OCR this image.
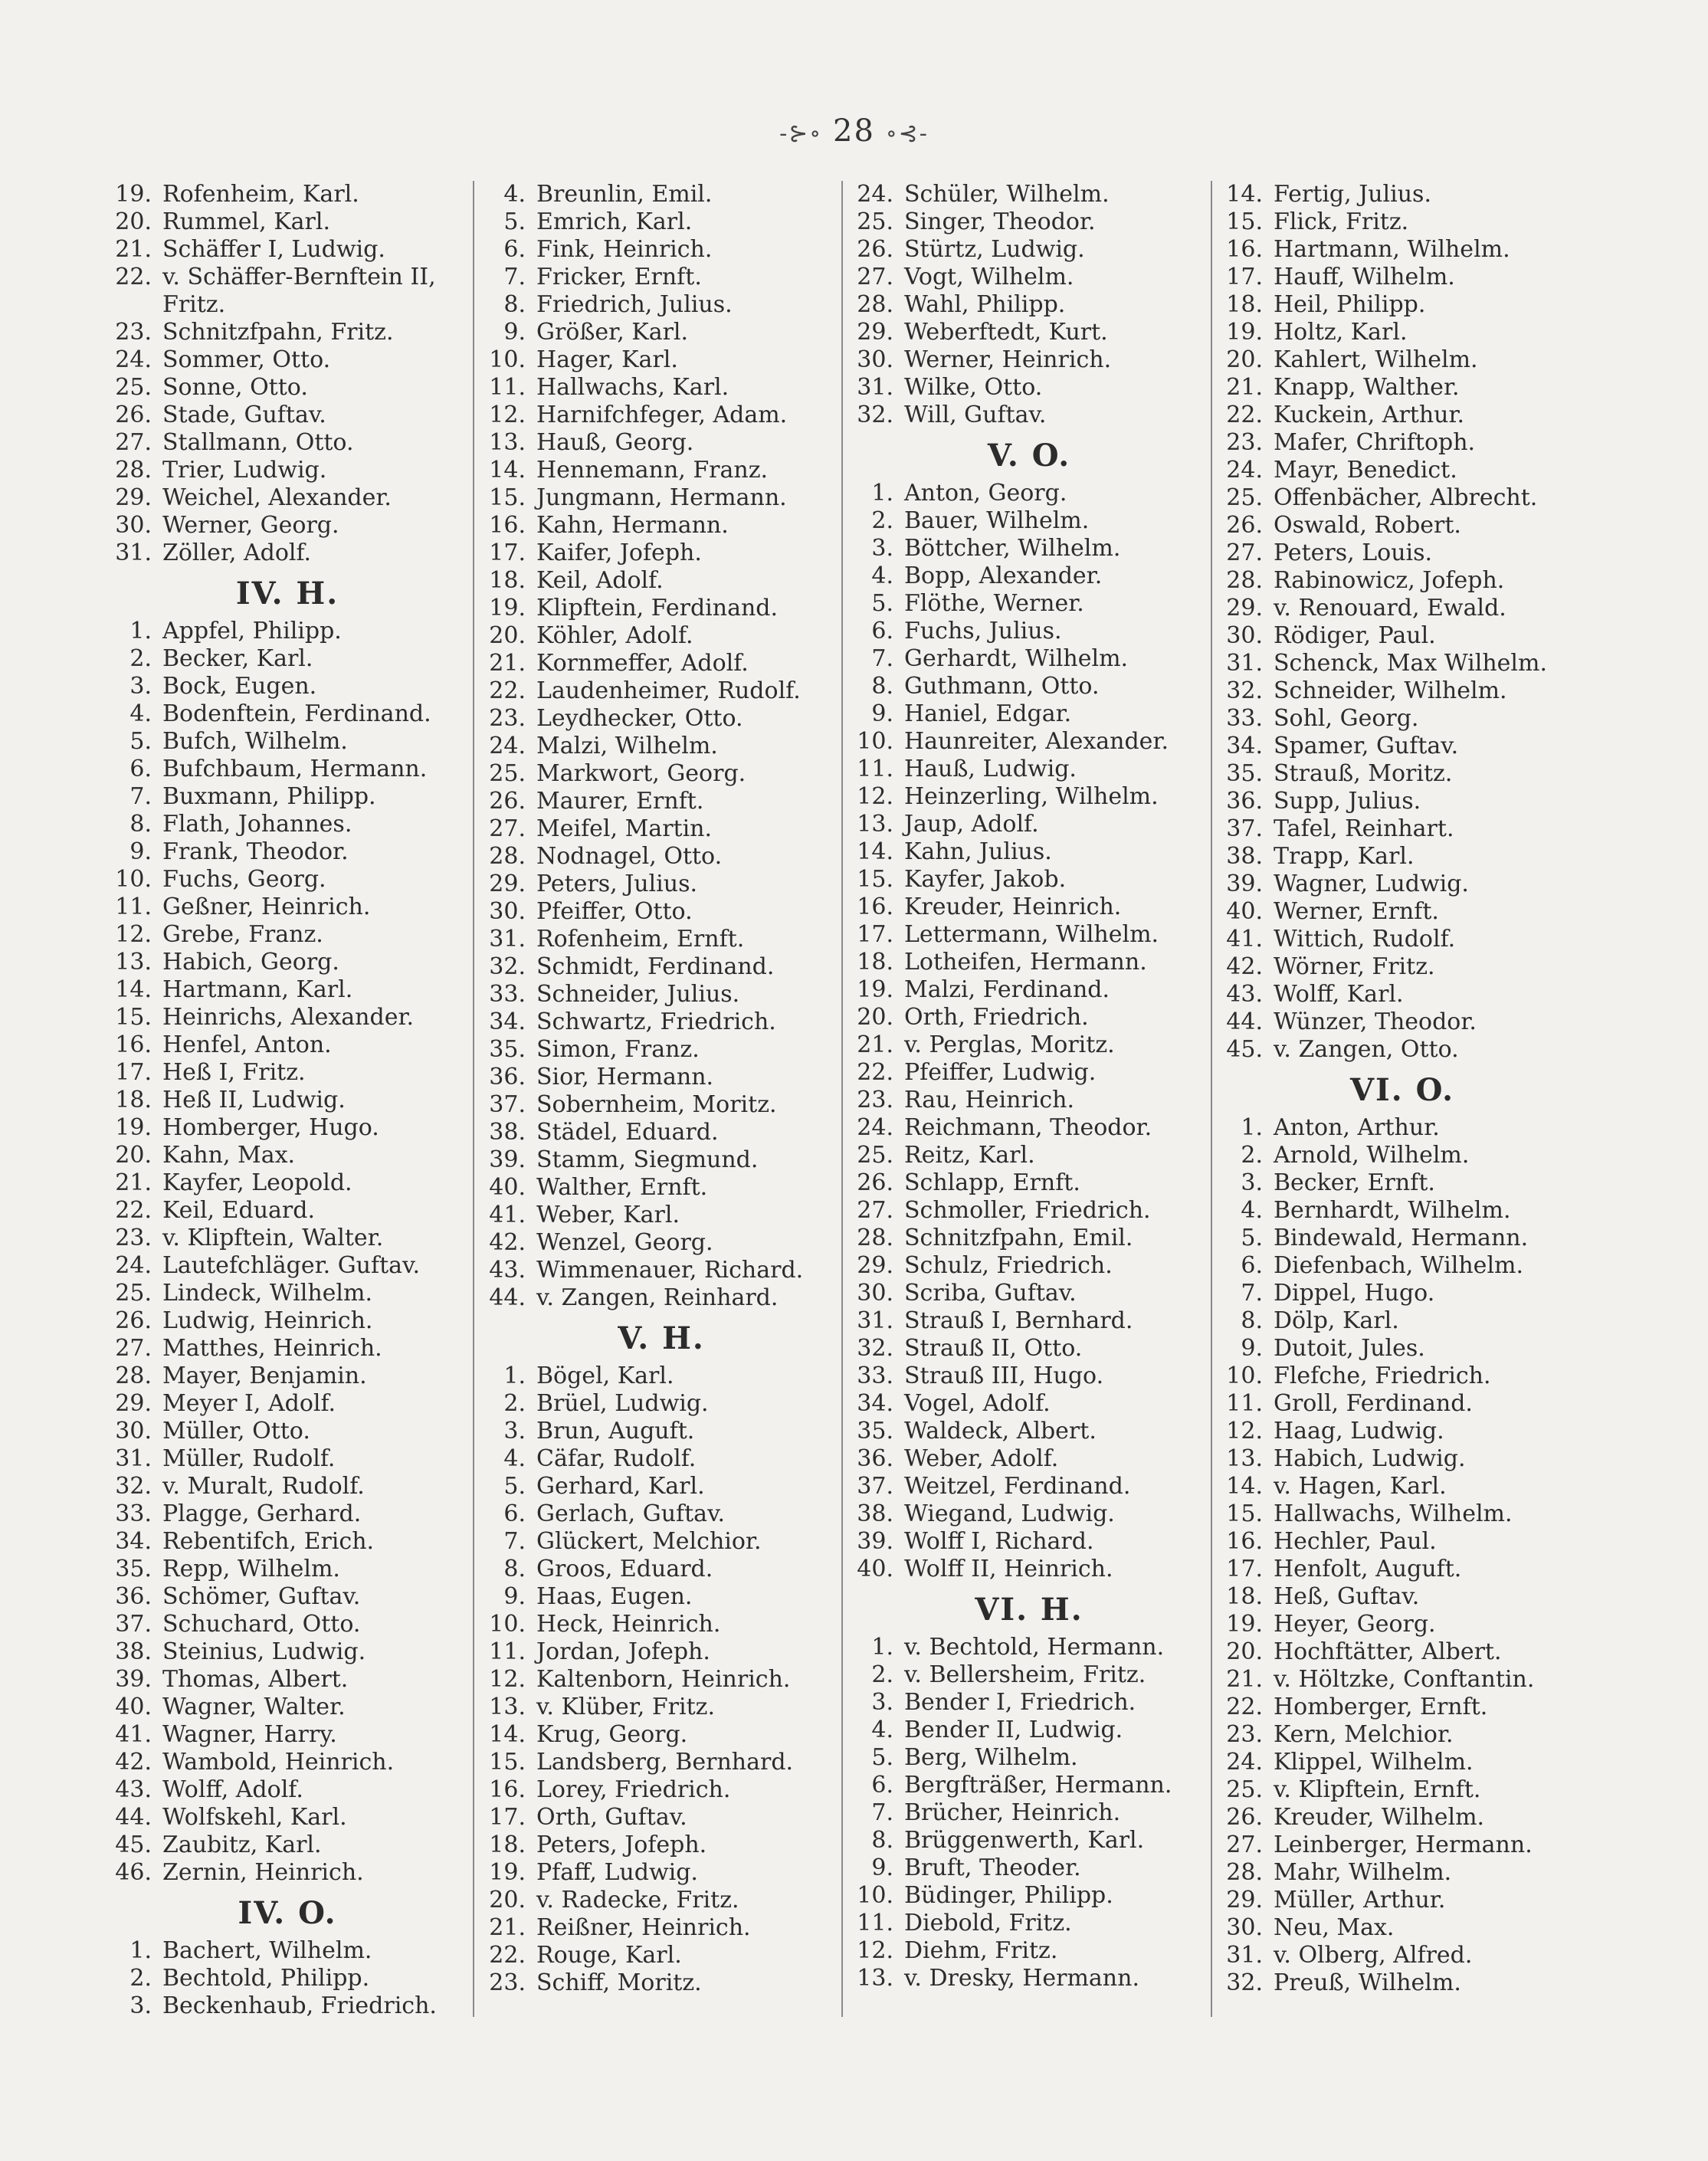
-⊱∘ 28 ∘⊰-
19. Rofenheim, Karl.
20. Rummel, Karl.
21. Schäffer I, Ludwig.
22. v. Schäffer-Bernftein II,
Fritz.
23. Schnitzfpahn, Fritz.
24. Sommer, Otto.
25. Sonne, Otto.
26. Stade, Guftav.
27. Stallmann, Otto.
28. Trier, Ludwig.
29. Weichel, Alexander.
30. Werner, Georg.
31. Zöller, Adolf.
IV. H.
1. Appfel, Philipp.
2. Becker, Karl.
3. Bock, Eugen.
4. Bodenftein, Ferdinand.
5. Bufch, Wilhelm.
6. Bufchbaum, Hermann.
7. Buxmann, Philipp.
8. Flath, Johannes.
9. Frank, Theodor.
10. Fuchs, Georg.
11. Geßner, Heinrich.
12. Grebe, Franz.
13. Habich, Georg.
14. Hartmann, Karl.
15. Heinrichs, Alexander.
16. Henfel, Anton.
17. Heß I, Fritz.
18. Heß II, Ludwig.
19. Homberger, Hugo.
20. Kahn, Max.
21. Kayfer, Leopold.
22. Keil, Eduard.
23. v. Klipftein, Walter.
24. Lautefchläger. Guftav.
25. Lindeck, Wilhelm.
26. Ludwig, Heinrich.
27. Matthes, Heinrich.
28. Mayer, Benjamin.
29. Meyer I, Adolf.
30. Müller, Otto.
31. Müller, Rudolf.
32. v. Muralt, Rudolf.
33. Plagge, Gerhard.
34. Rebentifch, Erich.
35. Repp, Wilhelm.
36. Schömer, Guftav.
37. Schuchard, Otto.
38. Steinius, Ludwig.
39. Thomas, Albert.
40. Wagner, Walter.
41. Wagner, Harry.
42. Wambold, Heinrich.
43. Wolff, Adolf.
44. Wolfskehl, Karl.
45. Zaubitz, Karl.
46. Zernin, Heinrich.
IV. O.
1. Bachert, Wilhelm.
2. Bechtold, Philipp.
3. Beckenhaub, Friedrich.
4. Breunlin, Emil.
5. Emrich, Karl.
6. Fink, Heinrich.
7. Fricker, Ernft.
8. Friedrich, Julius.
9. Größer, Karl.
10. Hager, Karl.
11. Hallwachs, Karl.
12. Harnifchfeger, Adam.
13. Hauß, Georg.
14. Hennemann, Franz.
15. Jungmann, Hermann.
16. Kahn, Hermann.
17. Kaifer, Jofeph.
18. Keil, Adolf.
19. Klipftein, Ferdinand.
20. Köhler, Adolf.
21. Kornmeffer, Adolf.
22. Laudenheimer, Rudolf.
23. Leydhecker, Otto.
24. Malzi, Wilhelm.
25. Markwort, Georg.
26. Maurer, Ernft.
27. Meifel, Martin.
28. Nodnagel, Otto.
29. Peters, Julius.
30. Pfeiffer, Otto.
31. Rofenheim, Ernft.
32. Schmidt, Ferdinand.
33. Schneider, Julius.
34. Schwartz, Friedrich.
35. Simon, Franz.
36. Sior, Hermann.
37. Sobernheim, Moritz.
38. Städel, Eduard.
39. Stamm, Siegmund.
40. Walther, Ernft.
41. Weber, Karl.
42. Wenzel, Georg.
43. Wimmenauer, Richard.
44. v. Zangen, Reinhard.
V. H.
1. Bögel, Karl.
2. Brüel, Ludwig.
3. Brun, Auguft.
4. Cäfar, Rudolf.
5. Gerhard, Karl.
6. Gerlach, Guftav.
7. Glückert, Melchior.
8. Groos, Eduard.
9. Haas, Eugen.
10. Heck, Heinrich.
11. Jordan, Jofeph.
12. Kaltenborn, Heinrich.
13. v. Klüber, Fritz.
14. Krug, Georg.
15. Landsberg, Bernhard.
16. Lorey, Friedrich.
17. Orth, Guftav.
18. Peters, Jofeph.
19. Pfaff, Ludwig.
20. v. Radecke, Fritz.
21. Reißner, Heinrich.
22. Rouge, Karl.
23. Schiff, Moritz.
24. Schüler, Wilhelm.
25. Singer, Theodor.
26. Stürtz, Ludwig.
27. Vogt, Wilhelm.
28. Wahl, Philipp.
29. Weberftedt, Kurt.
30. Werner, Heinrich.
31. Wilke, Otto.
32. Will, Guftav.
V. O.
1. Anton, Georg.
2. Bauer, Wilhelm.
3. Böttcher, Wilhelm.
4. Bopp, Alexander.
5. Flöthe, Werner.
6. Fuchs, Julius.
7. Gerhardt, Wilhelm.
8. Guthmann, Otto.
9. Haniel, Edgar.
10. Haunreiter, Alexander.
11. Hauß, Ludwig.
12. Heinzerling, Wilhelm.
13. Jaup, Adolf.
14. Kahn, Julius.
15. Kayfer, Jakob.
16. Kreuder, Heinrich.
17. Lettermann, Wilhelm.
18. Lotheifen, Hermann.
19. Malzi, Ferdinand.
20. Orth, Friedrich.
21. v. Perglas, Moritz.
22. Pfeiffer, Ludwig.
23. Rau, Heinrich.
24. Reichmann, Theodor.
25. Reitz, Karl.
26. Schlapp, Ernft.
27. Schmoller, Friedrich.
28. Schnitzfpahn, Emil.
29. Schulz, Friedrich.
30. Scriba, Guftav.
31. Strauß I, Bernhard.
32. Strauß II, Otto.
33. Strauß III, Hugo.
34. Vogel, Adolf.
35. Waldeck, Albert.
36. Weber, Adolf.
37. Weitzel, Ferdinand.
38. Wiegand, Ludwig.
39. Wolff I, Richard.
40. Wolff II, Heinrich.
VI. H.
1. v. Bechtold, Hermann.
2. v. Bellersheim, Fritz.
3. Bender I, Friedrich.
4. Bender II, Ludwig.
5. Berg, Wilhelm.
6. Bergfträßer, Hermann.
7. Brücher, Heinrich.
8. Brüggenwerth, Karl.
9. Bruft, Theoder.
10. Büdinger, Philipp.
11. Diebold, Fritz.
12. Diehm, Fritz.
13. v. Dresky, Hermann.
14. Fertig, Julius.
15. Flick, Fritz.
16. Hartmann, Wilhelm.
17. Hauff, Wilhelm.
18. Heil, Philipp.
19. Holtz, Karl.
20. Kahlert, Wilhelm.
21. Knapp, Walther.
22. Kuckein, Arthur.
23. Mafer, Chriftoph.
24. Mayr, Benedict.
25. Offenbächer, Albrecht.
26. Oswald, Robert.
27. Peters, Louis.
28. Rabinowicz, Jofeph.
29. v. Renouard, Ewald.
30. Rödiger, Paul.
31. Schenck, Max Wilhelm.
32. Schneider, Wilhelm.
33. Sohl, Georg.
34. Spamer, Guftav.
35. Strauß, Moritz.
36. Supp, Julius.
37. Tafel, Reinhart.
38. Trapp, Karl.
39. Wagner, Ludwig.
40. Werner, Ernft.
41. Wittich, Rudolf.
42. Wörner, Fritz.
43. Wolff, Karl.
44. Wünzer, Theodor.
45. v. Zangen, Otto.
VI. O.
1. Anton, Arthur.
2. Arnold, Wilhelm.
3. Becker, Ernft.
4. Bernhardt, Wilhelm.
5. Bindewald, Hermann.
6. Diefenbach, Wilhelm.
7. Dippel, Hugo.
8. Dölp, Karl.
9. Dutoit, Jules.
10. Flefche, Friedrich.
11. Groll, Ferdinand.
12. Haag, Ludwig.
13. Habich, Ludwig.
14. v. Hagen, Karl.
15. Hallwachs, Wilhelm.
16. Hechler, Paul.
17. Henfolt, Auguft.
18. Heß, Guftav.
19. Heyer, Georg.
20. Hochftätter, Albert.
21. v. Höltzke, Conftantin.
22. Homberger, Ernft.
23. Kern, Melchior.
24. Klippel, Wilhelm.
25. v. Klipftein, Ernft.
26. Kreuder, Wilhelm.
27. Leinberger, Hermann.
28. Mahr, Wilhelm.
29. Müller, Arthur.
30. Neu, Max.
31. v. Olberg, Alfred.
32. Preuß, Wilhelm.
